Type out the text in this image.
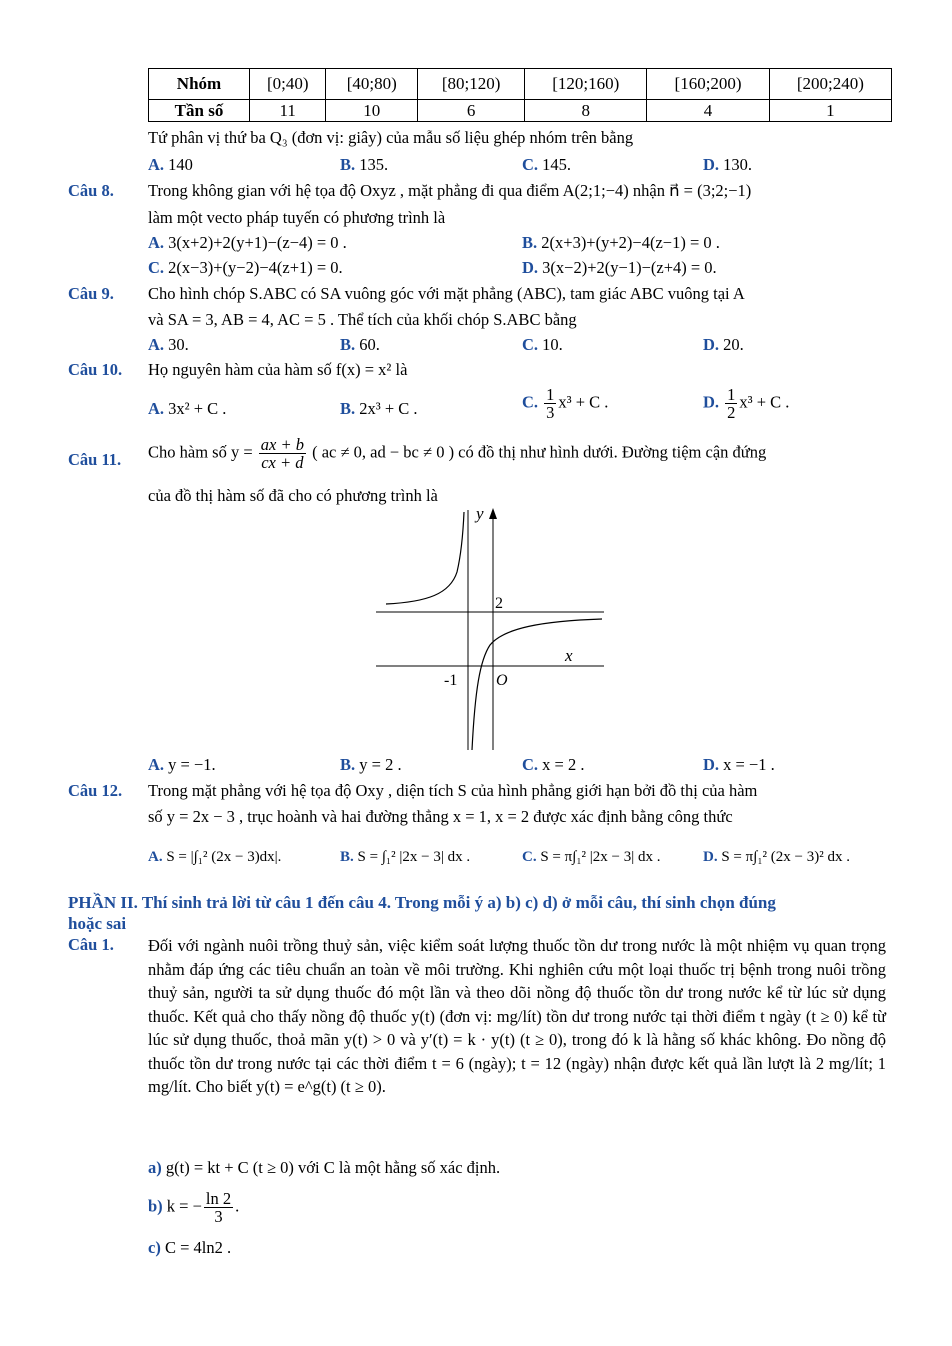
Nhóm	[0;40)	[40;80)	[80;120)	[120;160)	[160;200)	[200;240)
Tần số	11	10	6	8	4	1
Tứ phân vị thứ ba Q₃ (đơn vị: giây) của mẫu số liệu ghép nhóm trên bằng
A. 140	B. 135.	C. 145.	D. 130.
Câu 8. Trong không gian với hệ tọa độ Oxyz , mặt phẳng đi qua điểm A(2;1;−4) nhận n⃗ = (3;2;−1)
làm một vecto pháp tuyến có phương trình là
A. 3(x+2)+2(y+1)−(z−4) = 0 .	B. 2(x+3)+(y+2)−4(z−1) = 0 .
C. 2(x−3)+(y−2)−4(z+1) = 0.	D. 3(x−2)+2(y−1)−(z+4) = 0.
Câu 9. Cho hình chóp S.ABC có SA vuông góc với mặt phẳng (ABC), tam giác ABC vuông tại A
và SA = 3, AB = 4, AC = 5 . Thể tích của khối chóp S.ABC bằng
A. 30.	B. 60.	C. 10.	D. 20.
Câu 10. Họ nguyên hàm của hàm số f(x) = x² là
A. 3x² + C .	B. 2x³ + C .	C. $\frac{1}{3} x^3 + C$ .	D. $\frac{1}{2} x^3 + C$ .
Câu 11. Cho hàm số $y = \frac{ax + b}{cx + d}$ ( ac ≠ 0, ad − bc ≠ 0 ) có đồ thị như hình dưới. Đường tiệm cận đứng
của đồ thị hàm số đã cho có phương trình là
y
x
2
-1 O
A. y = −1.	B. y = 2 .	C. x = 2 .	D. x = −1 .
Câu 12. Trong mặt phẳng với hệ tọa độ Oxy , diện tích S của hình phẳng giới hạn bởi đồ thị của hàm
số y = 2x − 3 , trục hoành và hai đường thẳng x = 1, x = 2 được xác định bằng công thức
A. S = |∫₁² (2x − 3)dx|.	B. S = ∫₁² |2x − 3| dx .	C. S = π∫₁² |2x − 3| dx .	D. S = π∫₁² (2x − 3)² dx .
PHẦN II. Thí sinh trả lời từ câu 1 đến câu 4. Trong mỗi ý a) b) c) d) ở mỗi câu, thí sinh chọn đúng
hoặc sai
Câu 1. Đối với ngành nuôi trồng thuỷ sản, việc kiểm soát lượng thuốc tồn dư trong nước là một nhiệm vụ quan trọng nhằm đáp ứng các tiêu chuẩn an toàn về môi trường. Khi nghiên cứu một loại thuốc trị bệnh trong nuôi trồng thuỷ sản, người ta sử dụng thuốc đó một lần và theo dõi nồng độ thuốc tồn dư trong nước kể từ lúc sử dụng thuốc. Kết quả cho thấy nồng độ thuốc y(t) (đơn vị: mg/lít) tồn dư trong nước tại thời điểm t ngày (t ≥ 0) kể từ lúc sử dụng thuốc, thoả mãn y(t) > 0 và y′(t) = k · y(t) (t ≥ 0), trong đó k là hằng số khác không. Đo nồng độ thuốc tồn dư trong nước tại các thời điểm t = 6 (ngày); t = 12 (ngày) nhận được kết quả lần lượt là 2 mg/lít; 1 mg/lít. Cho biết y(t) = e^g(t) (t ≥ 0).
a) g(t) = kt + C (t ≥ 0) với C là một hằng số xác định.
b) k = − $\frac{\ln 2}{3}$ .
c) C = 4ln2 .
